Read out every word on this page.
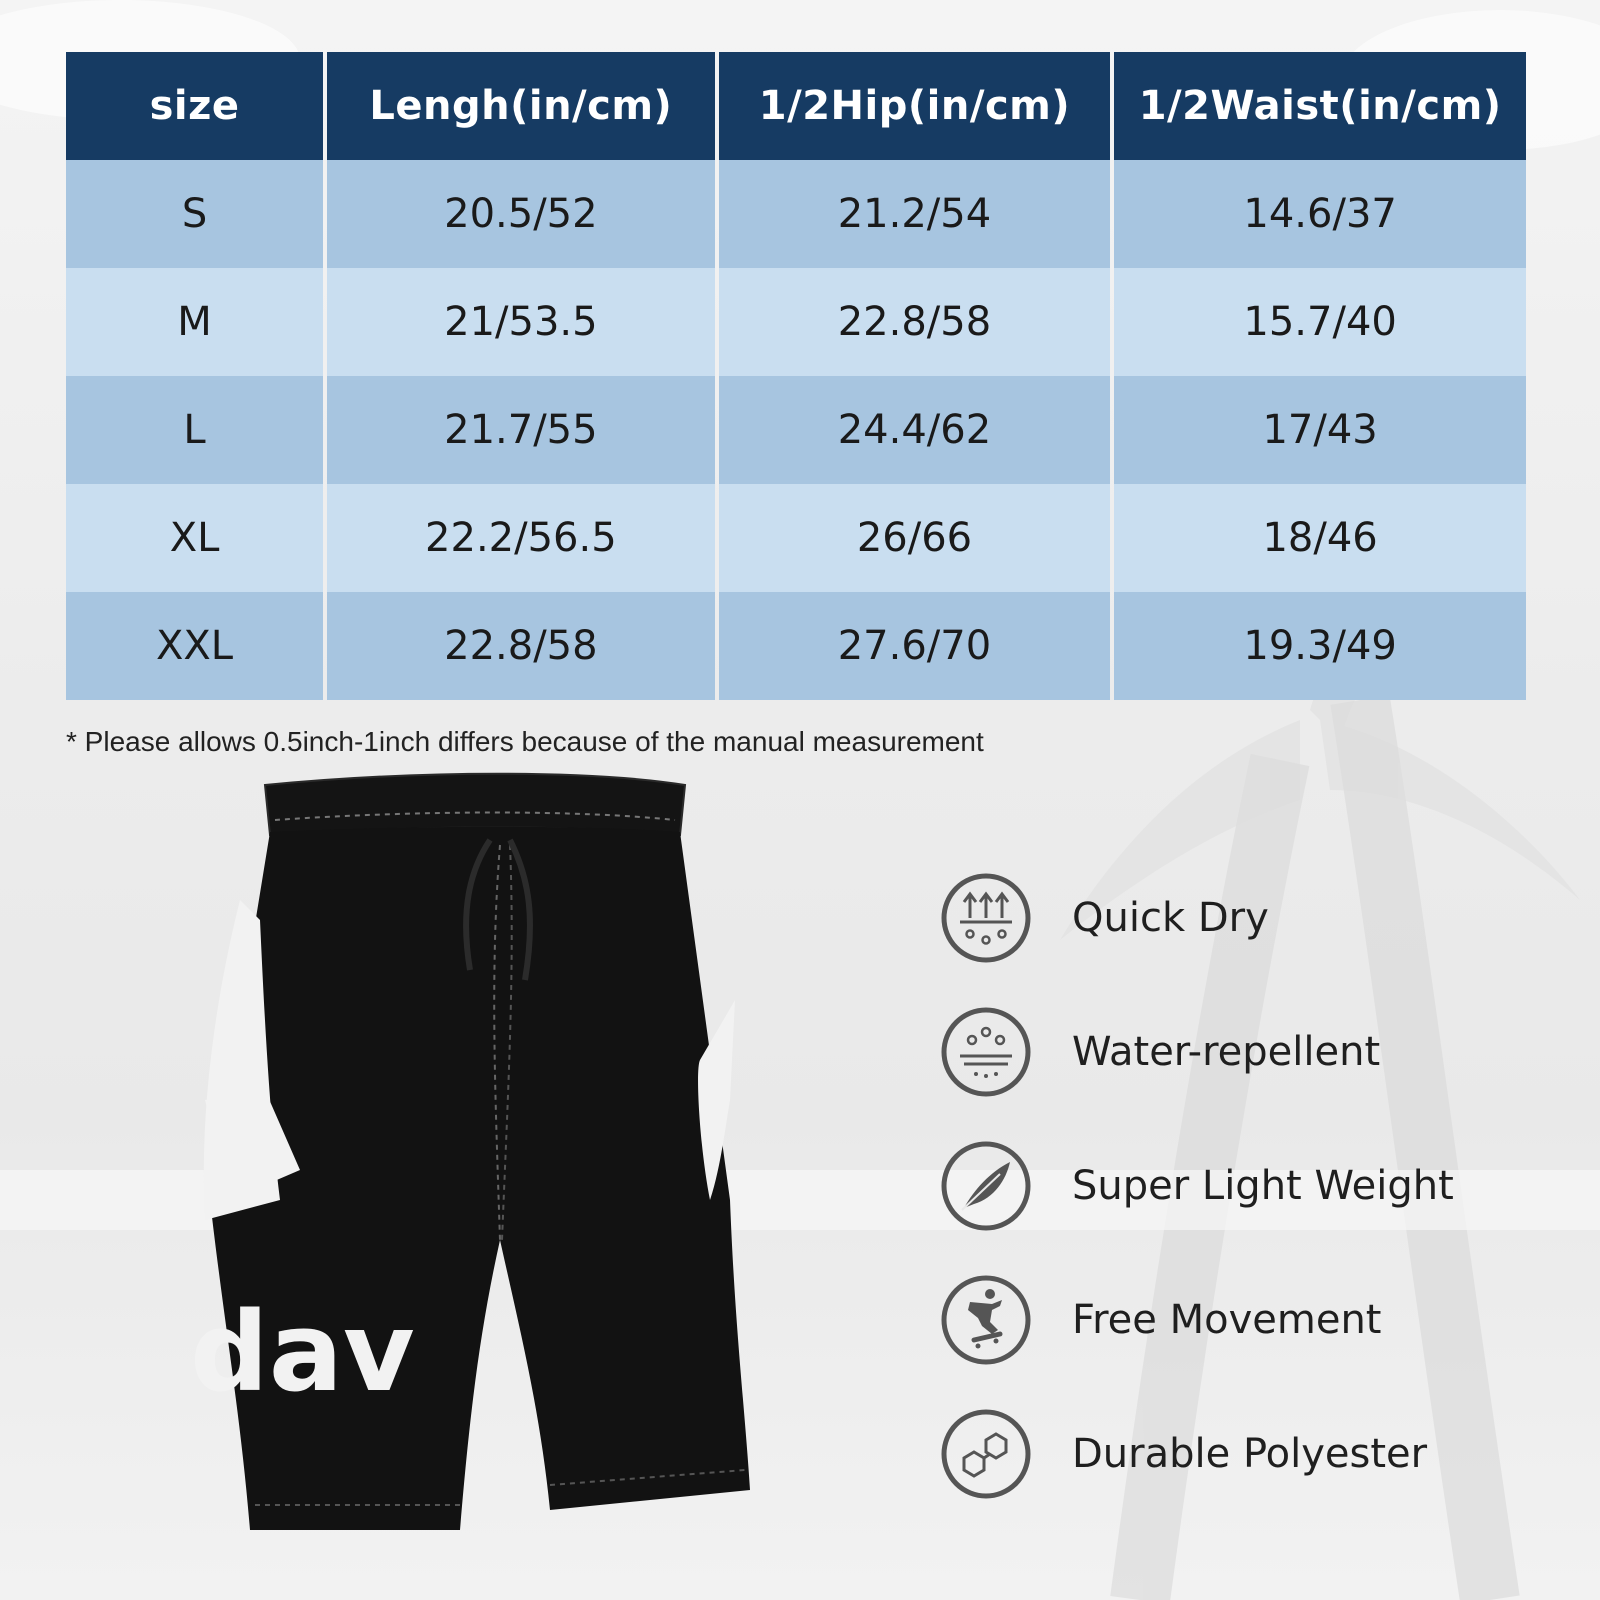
size	Lengh(in/cm)	1/2Hip(in/cm)	1/2Waist(in/cm)
S	20.5/52	21.2/54	14.6/37
M	21/53.5	22.8/58	15.7/40
L	21.7/55	24.4/62	17/43
XL	22.2/56.5	26/66	18/46
XXL	22.8/58	27.6/70	19.3/49
* Please allows 0.5inch-1inch differs because of the manual measurement
dav
Quick Dry
Water-repellent
Super Light Weight
Free Movement
Durable Polyester
